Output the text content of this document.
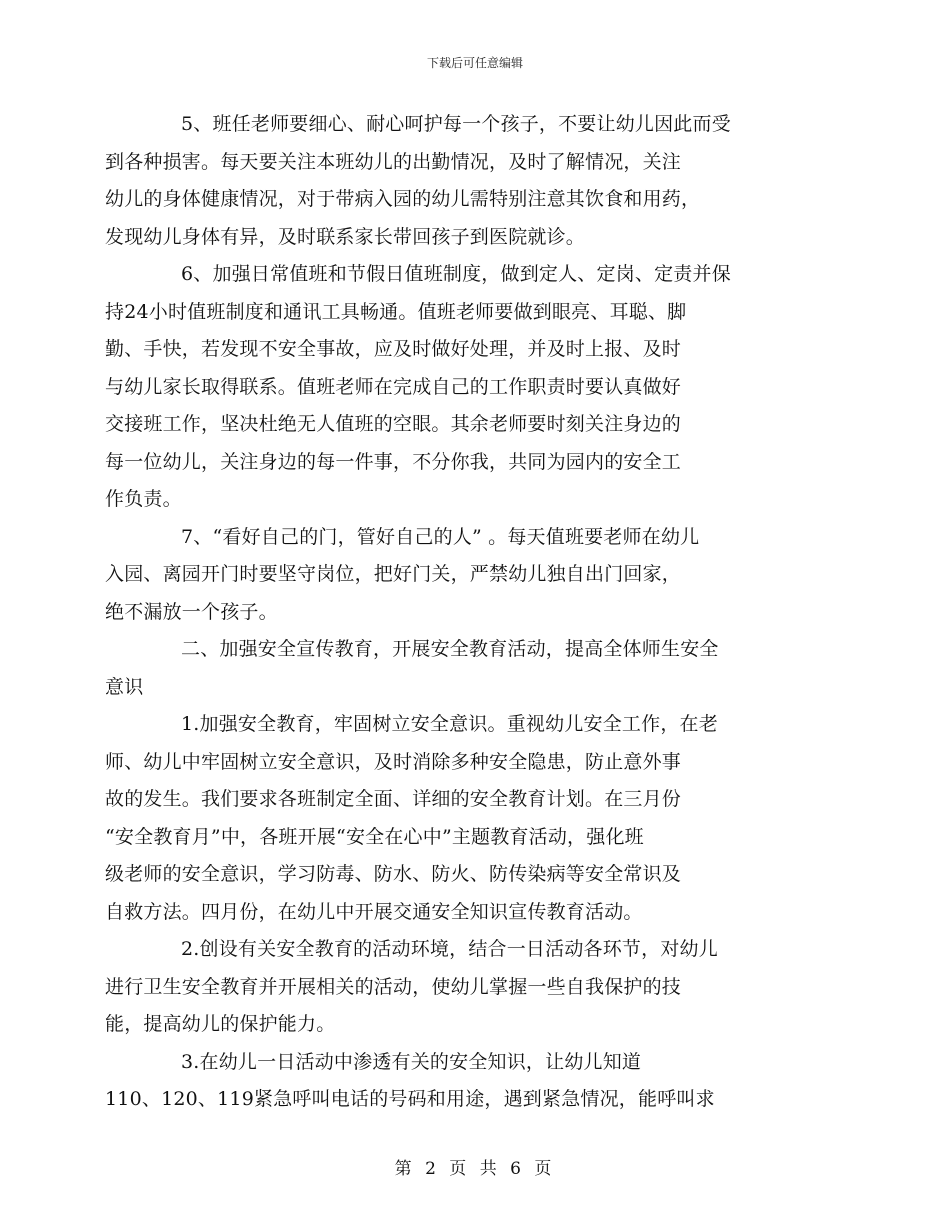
下载后可任意编辑

5、班任老师要细心、耐心呵护每一个孩子，不要让幼儿因此而受
到各种损害。每天要关注本班幼儿的出勤情况，及时了解情况，关注
幼儿的身体健康情况，对于带病入园的幼儿需特别注意其饮食和用药，
发现幼儿身体有异，及时联系家长带回孩子到医院就诊。

6、加强日常值班和节假日值班制度，做到定人、定岗、定责并保
持24小时值班制度和通讯工具畅通。值班老师要做到眼亮、耳聪、脚
勤、手快，若发现不安全事故，应及时做好处理，并及时上报、及时
与幼儿家长取得联系。值班老师在完成自己的工作职责时要认真做好
交接班工作，坚决杜绝无人值班的空眼。其余老师要时刻关注身边的
每一位幼儿，关注身边的每一件事，不分你我，共同为园内的安全工
作负责。

7、“看好自己的门，管好自己的人” 。每天值班要老师在幼儿
入园、离园开门时要坚守岗位，把好门关，严禁幼儿独自出门回家，
绝不漏放一个孩子。

二、加强安全宣传教育，开展安全教育活动，提高全体师生安全
意识

1.加强安全教育，牢固树立安全意识。重视幼儿安全工作，在老
师、幼儿中牢固树立安全意识，及时消除多种安全隐患，防止意外事
故的发生。我们要求各班制定全面、详细的安全教育计划。在三月份
“安全教育月”中，各班开展“安全在心中”主题教育活动，强化班
级老师的安全意识，学习防毒、防水、防火、防传染病等安全常识及
自救方法。四月份，在幼儿中开展交通安全知识宣传教育活动。

2.创设有关安全教育的活动环境，结合一日活动各环节，对幼儿
进行卫生安全教育并开展相关的活动，使幼儿掌握一些自我保护的技
能，提高幼儿的保护能力。

3.在幼儿一日活动中渗透有关的安全知识，让幼儿知道
110、120、119紧急呼叫电话的号码和用途，遇到紧急情况，能呼叫求

第 2 页 共 6 页
